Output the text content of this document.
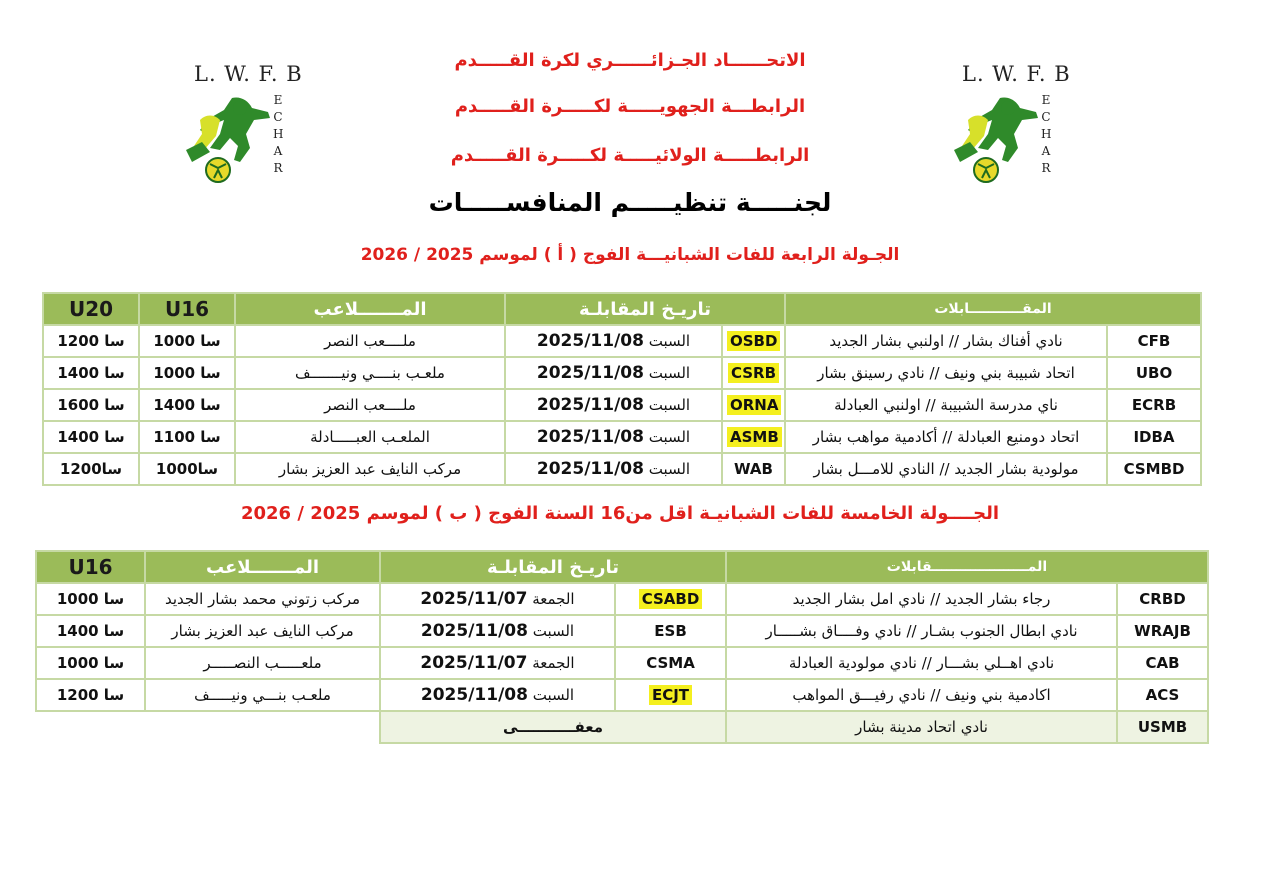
L. W. F. B
E
C
H
A
R
L. W. F. B
E
C
H
A
R
الاتحــــــاد الجـزائــــــري لكرة القـــــدم
الرابطـــة الجهويـــــة لكـــــرة القـــــدم
الرابطـــــة الولائيـــــة لكـــــرة القـــــدم
لجنـــــة تنظيـــــم المنافســـــات
الجـولة الرابعة للفات الشبانيـــة الفوج ( أ ) لموسم 2025 / 2026
U20	U16	المـــــــلاعب	تاريـخ المقابلـة		المقـــــــــــابلات	
12سا 00	10سا 00	ملــــعب النصر	2025/11/08 السبت	OSBD	نادي أفناك بشار // اولنبي بشار الجديد	CFB
14سا 00	10سا 00	ملعـب بنــــي ونيـــــــف	2025/11/08 السبت	CSRB	اتحاد شبيبة بني ونيف // نادي رسينق بشار	UBO
16سا 00	14سا 00	ملــــعب النصر	2025/11/08 السبت	ORNA	ناي مدرسة الشبيبة // اولنبي العبادلة	ECRB
14سا 00	11سا 00	الملعـب العبـــــادلة	2025/11/08 السبت	ASMB	اتحاد دومنيع العبادلة // أكادمية مواهب بشار	IDBA
12سا00	10سا00	مركب النايف عبد العزيز بشار	2025/11/08 السبت	WAB	مولودية بشار الجديد // النادي للامـــل بشار	CSMBD
الجــــولة الخامسة للفات الشبانيـة اقل من16 السنة الفوج ( ب ) لموسم 2025 / 2026
U16	المـــــــلاعب	تاريـخ المقابلـة		المــــــــــــــــــــقابلات	
10سا 00	مركب زتوني محمد بشار الجديد	2025/11/07 الجمعة	CSABD	رجاء بشار الجديد // نادي امل بشار الجديد	CRBD
14سا 00	مركب النايف عبد العزيز بشار	2025/11/08 السبت	ESB	نادي ابطال الجنوب بشـار // نادي وفــــاق بشـــــار	WRAJB
10سا 00	ملعـــــب النصـــــر	2025/11/07 الجمعة	CSMA	نادي اهــلي بشـــار // نادي مولودية العبادلة	CAB
12سا 00	ملعـب بنـــي ونيـــــف	2025/11/08 السبت	ECJT	اكادمية بني ونيف // نادي رفيـــق المواهب	ACS
		معفـــــــــــى		نادي اتحاد مدينة بشار	USMB
